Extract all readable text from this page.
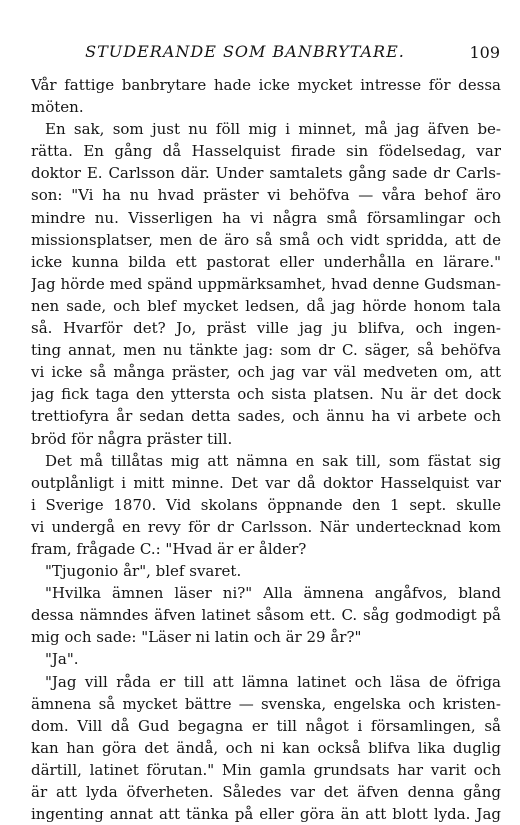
STUDERANDE SOM BANBRYTARE.	109
Vår fattige banbrytare hade icke mycket intresse för dessa
möten.
En sak, som just nu föll mig i minnet, må jag äfven be-
rätta. En gång då Hasselquist firade sin födelsedag, var
doktor E. Carlsson där. Under samtalets gång sade dr Carls-
son: "Vi ha nu hvad präster vi behöfva — våra behof äro
mindre nu. Visserligen ha vi några små församlingar och
missionsplatser, men de äro så små och vidt spridda, att de
icke kunna bilda ett pastorat eller underhålla en lärare."
Jag hörde med spänd uppmärksamhet, hvad denne Gudsman-
nen sade, och blef mycket ledsen, då jag hörde honom tala
så. Hvarför det? Jo, präst ville jag ju blifva, och ingen-
ting annat, men nu tänkte jag: som dr C. säger, så behöfva
vi icke så många präster, och jag var väl medveten om, att
jag fick taga den yttersta och sista platsen. Nu är det dock
trettiofyra år sedan detta sades, och ännu ha vi arbete och
bröd för några präster till.
Det må tillåtas mig att nämna en sak till, som fästat sig
outplånligt i mitt minne. Det var då doktor Hasselquist var
i Sverige 1870. Vid skolans öppnande den 1 sept. skulle
vi undergå en revy för dr Carlsson. När undertecknad kom
fram, frågade C.: "Hvad är er ålder?
"Tjugonio år", blef svaret.
"Hvilka ämnen läser ni?" Alla ämnena angåfvos, bland
dessa nämndes äfven latinet såsom ett. C. såg godmodigt på
mig och sade: "Läser ni latin och är 29 år?"
"Ja".
"Jag vill råda er till att lämna latinet och läsa de öfriga
ämnena så mycket bättre — svenska, engelska och kristen-
dom. Vill då Gud begagna er till något i församlingen, så
kan han göra det ändå, och ni kan också blifva lika duglig
därtill, latinet förutan." Min gamla grundsats har varit och
är att lyda öfverheten. Således var det äfven denna gång
ingenting annat att tänka på eller göra än att blott lyda. Jag
